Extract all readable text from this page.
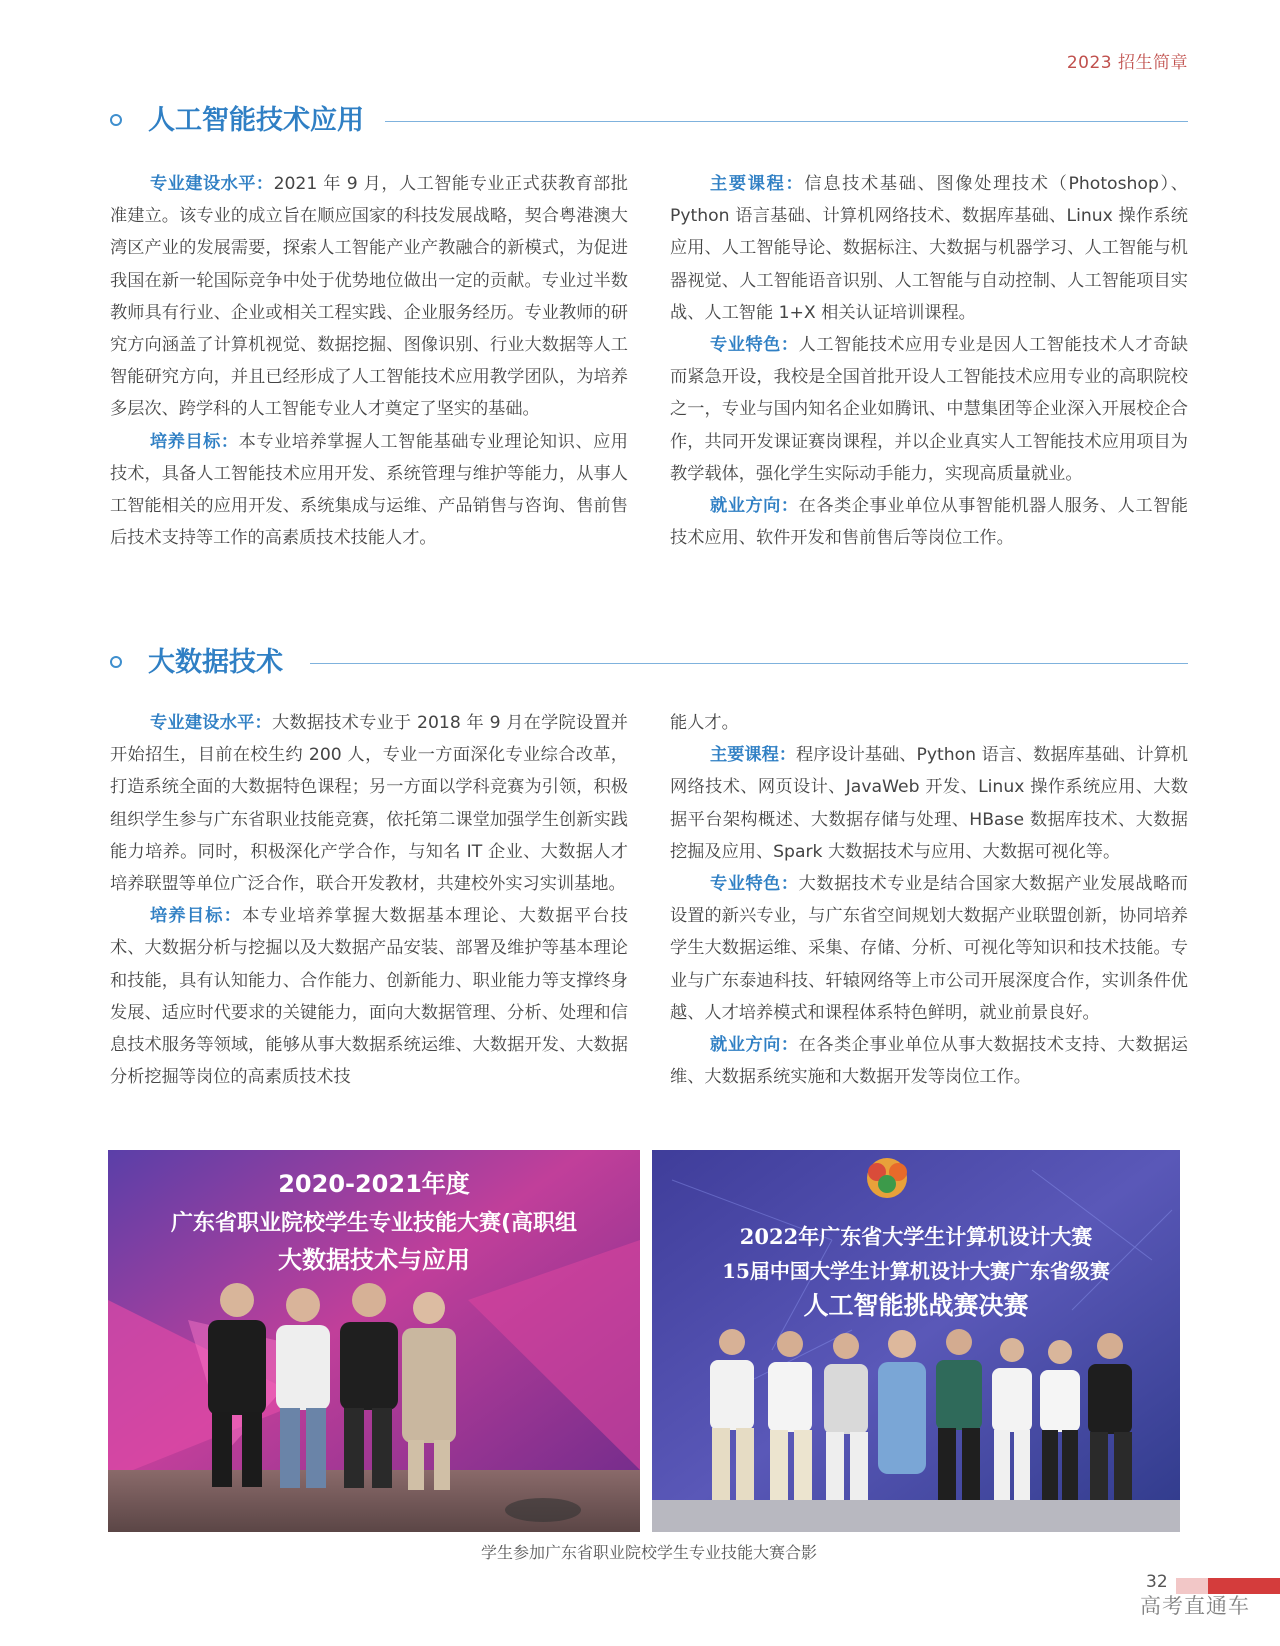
2023 招生简章
人工智能技术应用

专业建设水平：2021 年 9 月，人工智能专业正式获教育部批准建立。该专业的成立旨在顺应国家的科技发展战略，契合粤港澳大湾区产业的发展需要，探索人工智能产业产教融合的新模式，为促进我国在新一轮国际竞争中处于优势地位做出一定的贡献。专业过半数教师具有行业、企业或相关工程实践、企业服务经历。专业教师的研究方向涵盖了计算机视觉、数据挖掘、图像识别、行业大数据等人工智能研究方向，并且已经形成了人工智能技术应用教学团队，为培养多层次、跨学科的人工智能专业人才奠定了坚实的基础。

培养目标：本专业培养掌握人工智能基础专业理论知识、应用技术，具备人工智能技术应用开发、系统管理与维护等能力，从事人工智能相关的应用开发、系统集成与运维、产品销售与咨询、售前售后技术支持等工作的高素质技术技能人才。

主要课程：信息技术基础、图像处理技术（Photoshop）、Python 语言基础、计算机网络技术、数据库基础、Linux 操作系统应用、人工智能导论、数据标注、大数据与机器学习、人工智能与机器视觉、人工智能语音识别、人工智能与自动控制、人工智能项目实战、人工智能 1+X 相关认证培训课程。

专业特色：人工智能技术应用专业是因人工智能技术人才奇缺而紧急开设，我校是全国首批开设人工智能技术应用专业的高职院校之一，专业与国内知名企业如腾讯、中慧集团等企业深入开展校企合作，共同开发课证赛岗课程，并以企业真实人工智能技术应用项目为教学载体，强化学生实际动手能力，实现高质量就业。

就业方向：在各类企事业单位从事智能机器人服务、人工智能技术应用、软件开发和售前售后等岗位工作。

大数据技术

专业建设水平：大数据技术专业于 2018 年 9 月在学院设置并开始招生，目前在校生约 200 人，专业一方面深化专业综合改革，打造系统全面的大数据特色课程；另一方面以学科竞赛为引领，积极组织学生参与广东省职业技能竞赛，依托第二课堂加强学生创新实践能力培养。同时，积极深化产学合作，与知名 IT 企业、大数据人才培养联盟等单位广泛合作，联合开发教材，共建校外实习实训基地。

培养目标：本专业培养掌握大数据基本理论、大数据平台技术、大数据分析与挖掘以及大数据产品安装、部署及维护等基本理论和技能，具有认知能力、合作能力、创新能力、职业能力等支撑终身发展、适应时代要求的关键能力，面向大数据管理、分析、处理和信息技术服务等领域，能够从事大数据系统运维、大数据开发、大数据分析挖掘等岗位的高素质技术技

能人才。

主要课程：程序设计基础、Python 语言、数据库基础、计算机网络技术、网页设计、JavaWeb 开发、Linux 操作系统应用、大数据平台架构概述、大数据存储与处理、HBase 数据库技术、大数据挖掘及应用、Spark 大数据技术与应用、大数据可视化等。

专业特色：大数据技术专业是结合国家大数据产业发展战略而设置的新兴专业，与广东省空间规划大数据产业联盟创新，协同培养学生大数据运维、采集、存储、分析、可视化等知识和技术技能。专业与广东泰迪科技、轩辕网络等上市公司开展深度合作，实训条件优越、人才培养模式和课程体系特色鲜明，就业前景良好。

就业方向：在各类企事业单位从事大数据技术支持、大数据运维、大数据系统实施和大数据开发等岗位工作。

2020-2021年度
广东省职业院校学生专业技能大赛(高职组
大数据技术与应用
2022年广东省大学生计算机设计大赛
15届中国大学生计算机设计大赛广东省级赛
人工智能挑战赛决赛
学生参加广东省职业院校学生专业技能大赛合影
32
高考直通车
